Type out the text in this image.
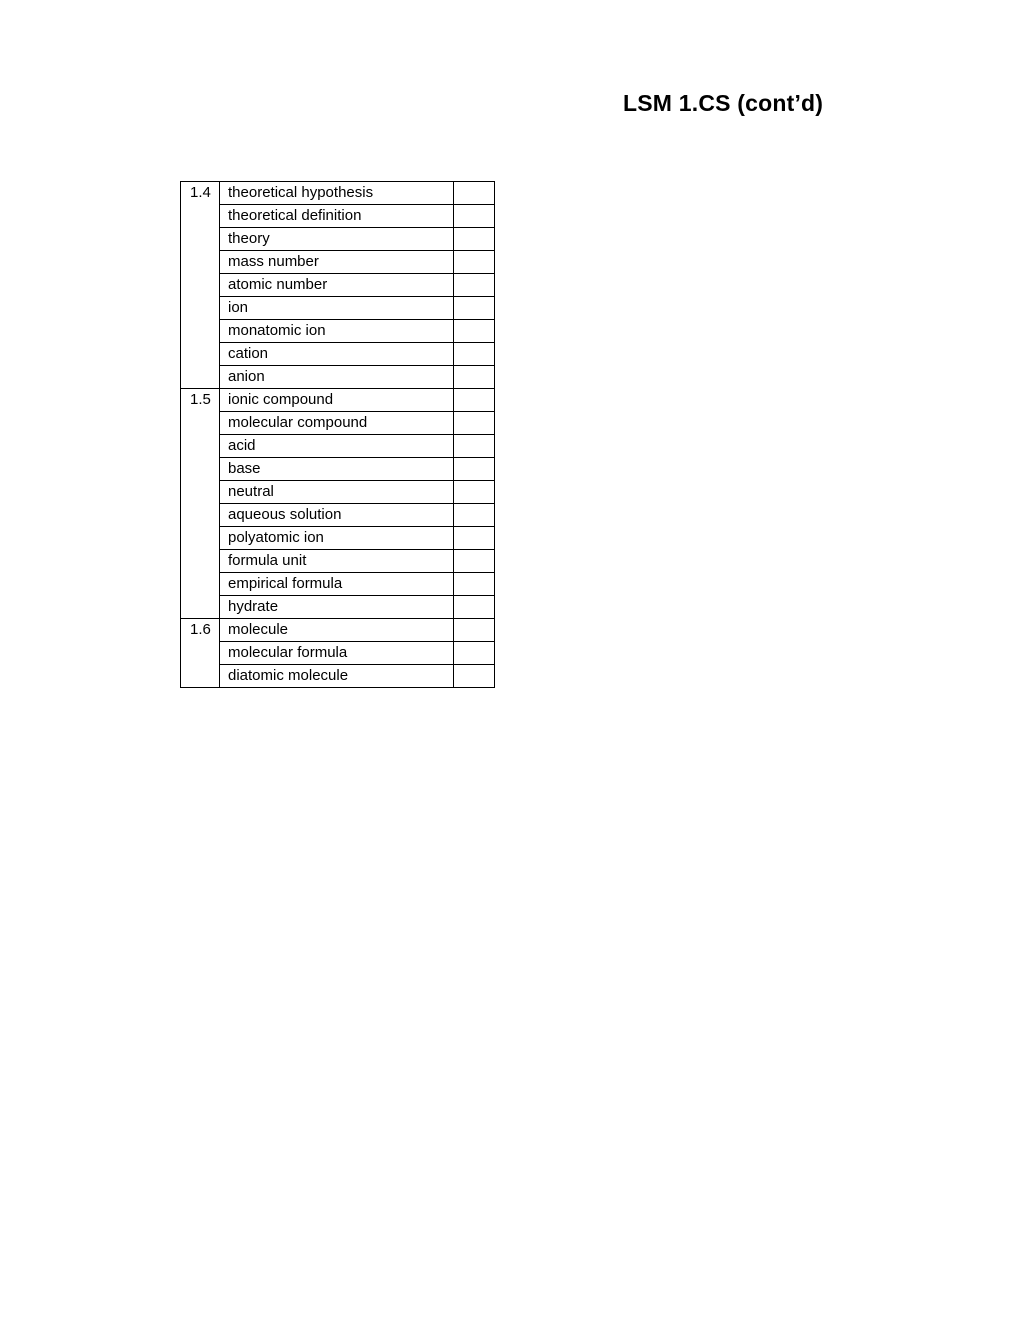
LSM 1.CS (cont’d)
1.4	theoretical hypothesis	
	theoretical definition	
	theory	
	mass number	
	atomic number	
	ion	
	monatomic ion	
	cation	
	anion	
1.5	ionic compound	
	molecular compound	
	acid	
	base	
	neutral	
	aqueous solution	
	polyatomic ion	
	formula unit	
	empirical formula	
	hydrate	
1.6	molecule	
	molecular formula	
	diatomic molecule	
